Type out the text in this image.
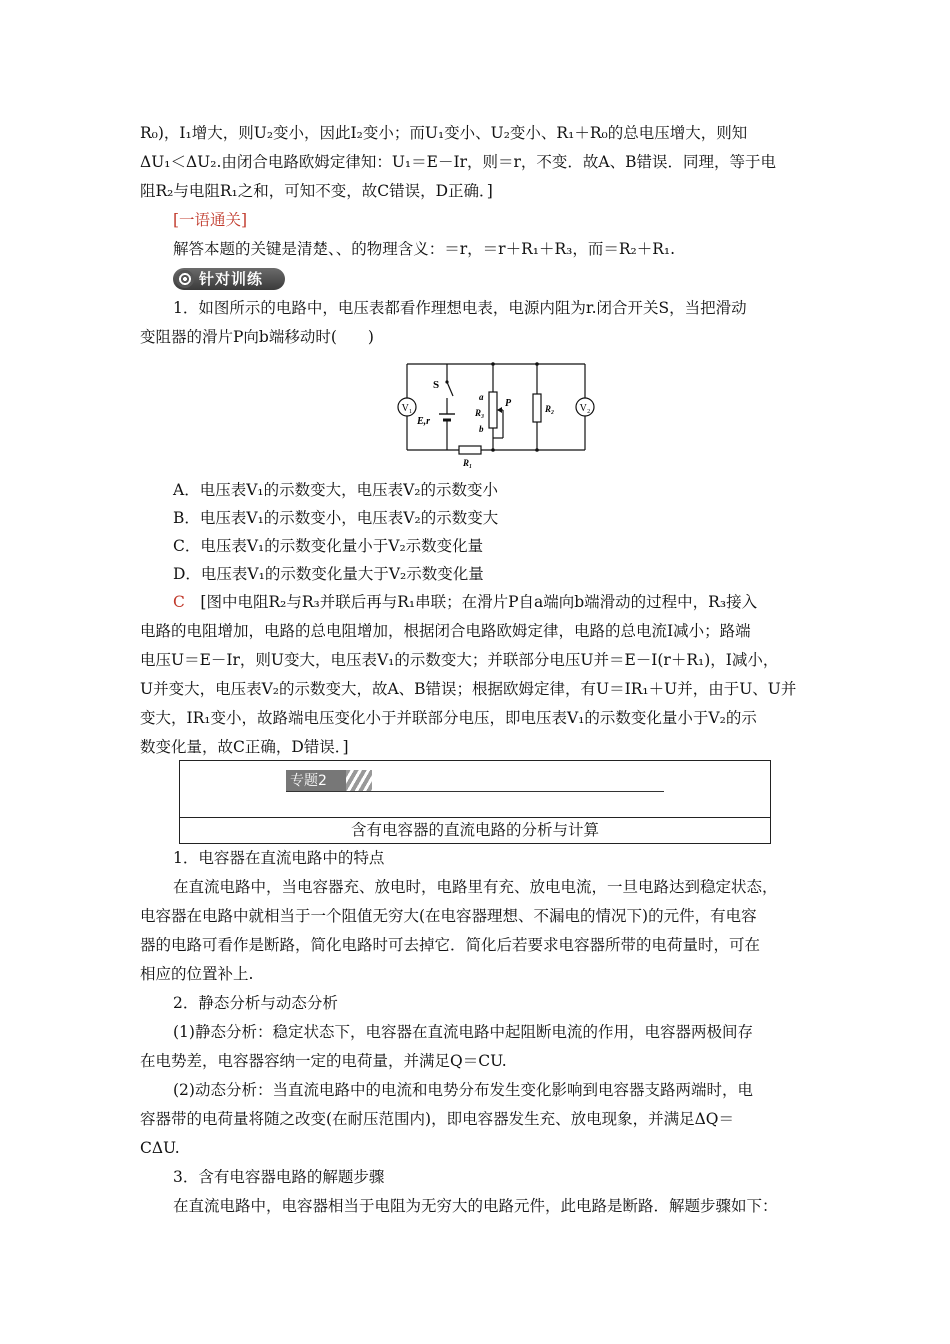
R₀)，I₁增大，则U₂变小，因此I₂变小；而U₁变小、U₂变小、R₁＋R₀的总电压增大，则知
ΔU₁＜ΔU₂.由闭合电路欧姆定律知：U₁＝E－Ir，则＝r，不变．故A、B错误．同理，等于电
阻R₂与电阻R₁之和，可知不变，故C错误，D正确．]
[一语通关]
解答本题的关键是清楚、、的物理含义：＝r，＝r＋R₁＋R₃，而＝R₂＋R₁.
针对训练
1．如图所示的电路中，电压表都看作理想电表，电源内阻为r.闭合开关S，当把滑动
变阻器的滑片P向b端移动时(　　)
V₁	V₂
S
E,r
a
R₃
b
P	R₂
R₁
A．电压表V₁的示数变大，电压表V₂的示数变小
B．电压表V₁的示数变小，电压表V₂的示数变大
C．电压表V₁的示数变化量小于V₂示数变化量
D．电压表V₁的示数变化量大于V₂示数变化量
C　 [图中电阻R₂与R₃并联后再与R₁串联；在滑片P自a端向b端滑动的过程中，R₃接入
电路的电阻增加，电路的总电阻增加，根据闭合电路欧姆定律，电路的总电流I减小；路端
电压U＝E－Ir，则U变大，电压表V₁的示数变大；并联部分电压U并＝E－I(r＋R₁)，I减小，
U并变大，电压表V₂的示数变大，故A、B错误；根据欧姆定律，有U＝IR₁＋U并，由于U、U并
变大，IR₁变小，故路端电压变化小于并联部分电压，即电压表V₁的示数变化量小于V₂的示
数变化量，故C正确，D错误．]
含有电容器的直流电路的分析与计算
专题2
1．电容器在直流电路中的特点
在直流电路中，当电容器充、放电时，电路里有充、放电电流，一旦电路达到稳定状态，
电容器在电路中就相当于一个阻值无穷大(在电容器理想、不漏电的情况下)的元件，有电容
器的电路可看作是断路，简化电路时可去掉它．简化后若要求电容器所带的电荷量时，可在
相应的位置补上.
2．静态分析与动态分析
(1)静态分析：稳定状态下，电容器在直流电路中起阻断电流的作用，电容器两极间存
在电势差，电容器容纳一定的电荷量，并满足Q＝CU.
(2)动态分析：当直流电路中的电流和电势分布发生变化影响到电容器支路两端时，电
容器带的电荷量将随之改变(在耐压范围内)，即电容器发生充、放电现象，并满足ΔQ＝
CΔU.
3．含有电容器电路的解题步骤
在直流电路中，电容器相当于电阻为无穷大的电路元件，此电路是断路．解题步骤如下：
